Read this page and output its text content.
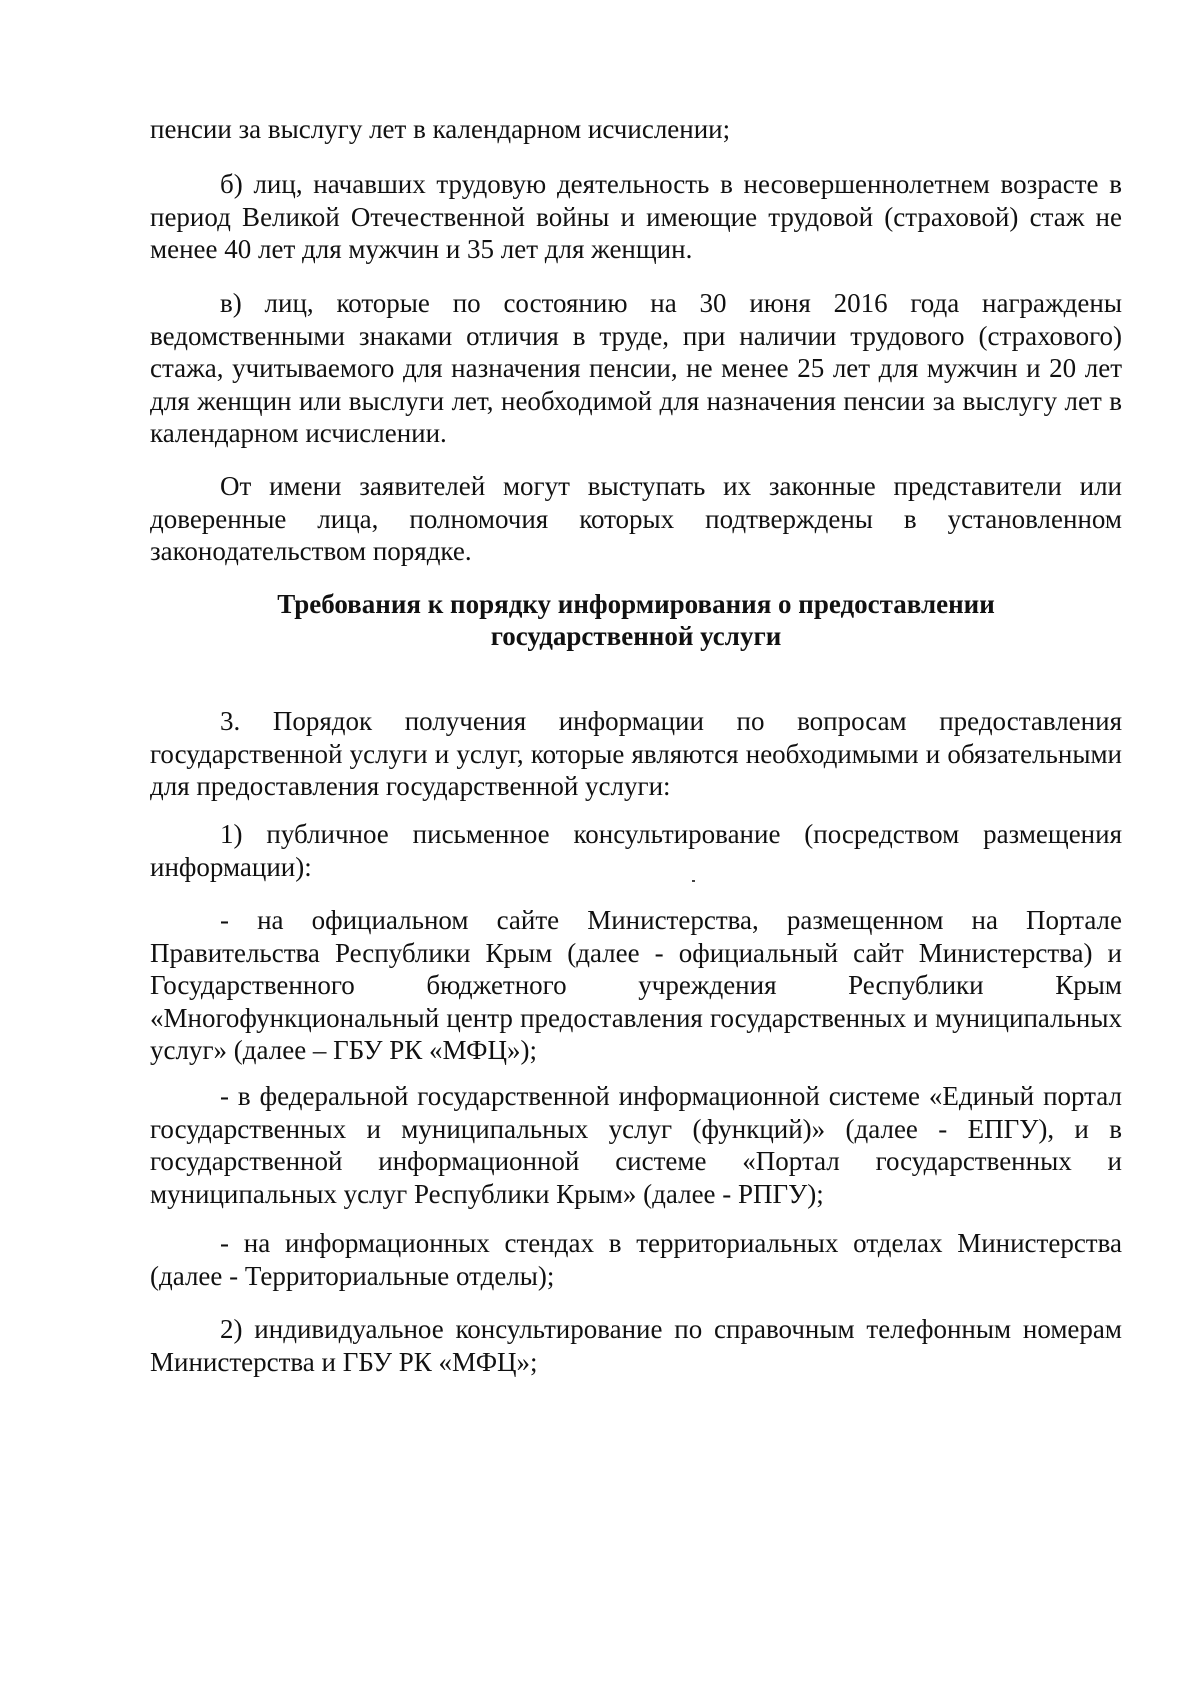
пенсии за выслугу лет в календарном исчислении;

б) лиц, начавших трудовую деятельность в несовершеннолетнем возрасте в период Великой Отечественной войны и имеющие трудовой (страховой) стаж не менее 40 лет для мужчин и 35 лет для женщин.

в) лиц, которые по состоянию на 30 июня 2016 года награждены ведомственными знаками отличия в труде, при наличии трудового (страхового) стажа, учитываемого для назначения пенсии, не менее 25 лет для мужчин и 20 лет для женщин или выслуги лет, необходимой для назначения пенсии за выслугу лет в календарном исчислении.

От имени заявителей могут выступать их законные представители или доверенные лица, полномочия которых подтверждены в установленном законодательством порядке.

Требования к порядку информирования о предоставлении
государственной услуги

3. Порядок получения информации по вопросам предоставления государственной услуги и услуг, которые являются необходимыми и обязательными для предоставления государственной услуги:

1) публичное письменное консультирование (посредством размещения информации):

- на официальном сайте Министерства, размещенном на Портале Правительства Республики Крым (далее - официальный сайт Министерства) и Государственного бюджетного учреждения Республики Крым «Многофункциональный центр предоставления государственных и муниципальных услуг» (далее – ГБУ РК «МФЦ»);

- в федеральной государственной информационной системе «Единый портал государственных и муниципальных услуг (функций)» (далее - ЕПГУ), и в государственной информационной системе «Портал государственных и муниципальных услуг Республики Крым» (далее - РПГУ);

- на информационных стендах в территориальных отделах Министерства (далее - Территориальные отделы);

2) индивидуальное консультирование по справочным телефонным номерам Министерства и ГБУ РК «МФЦ»;
